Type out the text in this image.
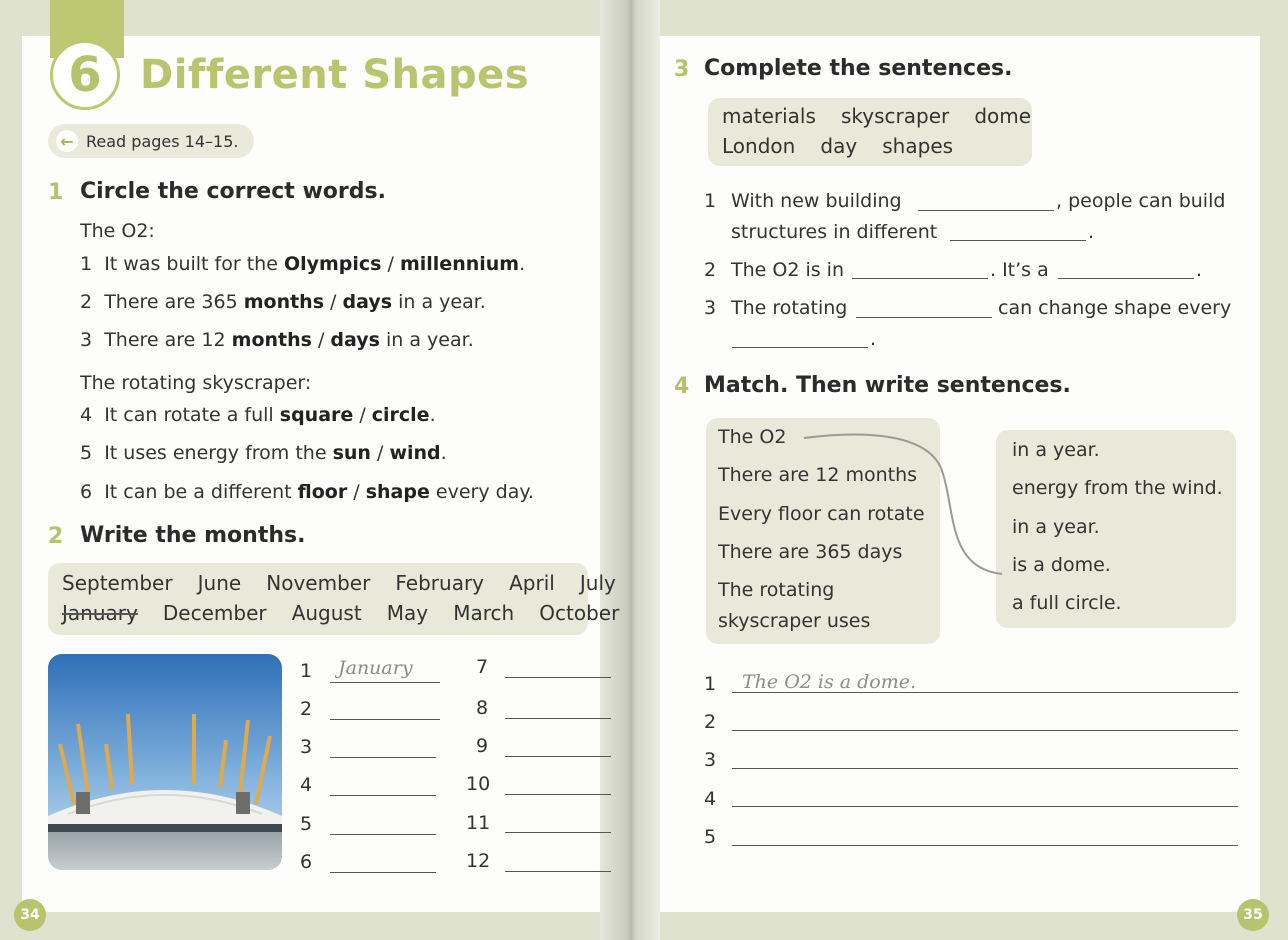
6 Different Shapes
← Read pages 14–15.
1 Circle the correct words.
The O2:
1 It was built for the Olympics / millennium.
2 There are 365 months / days in a year.
3 There are 12 months / days in a year.
The rotating skyscraper:
4 It can rotate a full square / circle.
5 It uses energy from the sun / wind.
6 It can be a different floor / shape every day.
2 Write the months.
September June November February April July
January December August May March October
1 January
2
3
4
5
6
7
8
9
10
11
12
3 Complete the sentences.
materials skyscraper dome
London day shapes
1 With new building	, people can build
structures in different	.
2 The O2 is in	. It’s a	.
3 The rotating	can change shape every
.
4 Match. Then write sentences.
The O2
There are 12 months
Every floor can rotate
There are 365 days
The rotating
skyscraper uses
in a year.
energy from the wind.
in a year.
is a dome.
a full circle.
1 The O2 is a dome.
2
3
4
5
34	35
